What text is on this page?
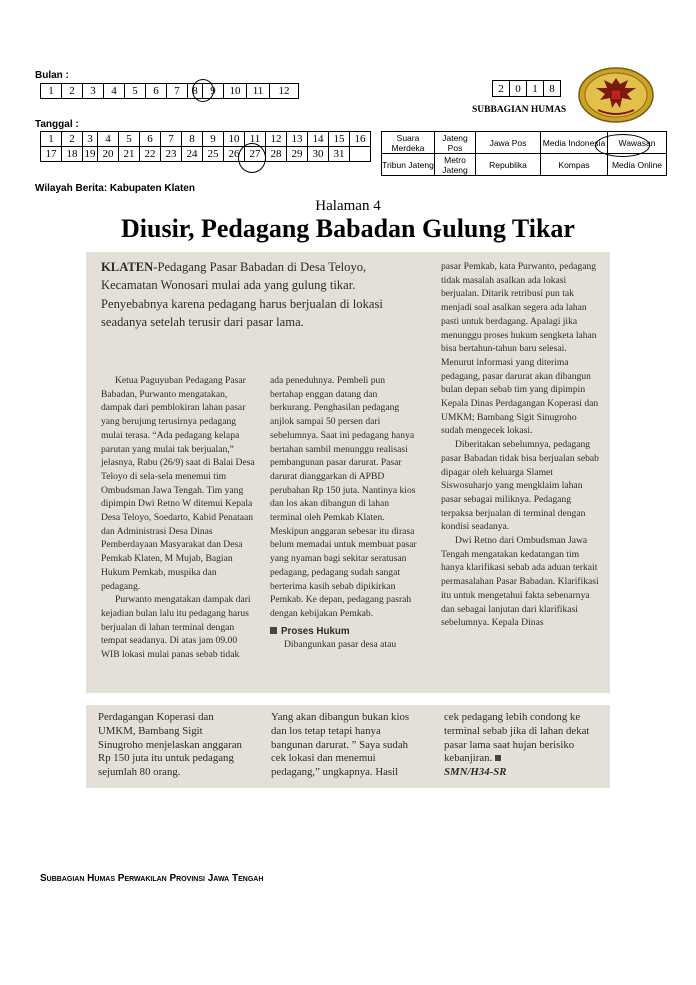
Bulan :
1	2	3	4	5	6	7	8	9	10	11	12
Tanggal :
1	2	3	4	5	6	7	8	9	10	11	12	13	14	15	16
17	18	19	20	21	22	23	24	25	26	27	28	29	30	31	
Wilayah Berita: Kabupaten Klaten
2	0	1	8
SUBBAGIAN HUMAS
Suara Merdeka	Jateng Pos	Jawa Pos	Media Indonesia	Wawasan
Tribun Jateng	Metro Jateng	Republika	Kompas	Media Online
Halaman 4
Diusir, Pedagang Babadan Gulung Tikar
KLATEN-Pedagang Pasar Babadan di Desa Teloyo, Kecamatan Wonosari mulai ada yang gulung tikar. Penyebabnya karena pedagang harus berjualan di lokasi seadanya setelah terusir dari pasar lama.

Ketua Paguyuban Pedagang Pasar Babadan, Purwanto mengatakan, dampak dari pemblokiran lahan pasar yang berujung terusirnya pedagang mulai terasa. “Ada pedagang kelapa parutan yang mulai tak berjualan,” jelasnya, Rabu (26/9) saat di Balai Desa Teloyo di sela-sela menemui tim Ombudsman Jawa Tengah. Tim yang dipimpin Dwi Retno W ditemui Kepala Desa Teloyo, Soedarto, Kabid Penataan dan Administrasi Desa Dinas Pemberdayaan Masyarakat dan Desa Pemkab Klaten, M Mujab, Bagian Hukum Pemkab, muspika dan pedagang.

Purwanto mengatakan dampak dari kejadian bulan lalu itu pedagang harus berjualan di lahan terminal dengan tempat seadanya. Di atas jam 09.00 WIB lokasi mulai panas sebab tidak

ada peneduhnya. Pembeli pun bertahap enggan datang dan berkurang. Penghasilan pedagang anjlok sampai 50 persen dari sebelumnya. Saat ini pedagang hanya bertahan sambil menunggu realisasi pembangunan pasar darurat. Pasar darurat dianggarkan di APBD perubahan Rp 150 juta. Nantinya kios dan los akan dibangun di lahan terminal oleh Pemkab Klaten. Meskipun anggaran sebesar itu dirasa belum memadai untuk membuat pasar yang nyaman bagi sekitar seratusan pedagang, pedagang sudah sangat berterima kasih sebab dipikirkan Pemkab. Ke depan, pedagang pasrah dengan kebijakan Pemkab.

Proses Hukum

Dibangunkan pasar desa atau

pasar Pemkab, kata Purwanto, pedagang tidak masalah asalkan ada lokasi berjualan. Ditarik retribusi pun tak menjadi soal asalkan segera ada lahan pasti untuk berdagang. Apalagi jika menunggu proses hukum sengketa lahan bisa bertahun-tahun baru selesai. Menurut informasi yang diterima pedagang, pasar darurat akan dibangun bulan depan sebab tim yang dipimpin Kepala Dinas Perdagangan Koperasi dan UMKM; Bambang Sigit Sinugroho sudah mengecek lokasi.

Diberitakan sebelumnya, pedagang pasar Babadan tidak bisa berjualan sebab dipagar oleh keluarga Slamet Siswosuharjo yang mengklaim lahan pasar sebagai miliknya. Pedagang terpaksa berjualan di terminal dengan kondisi seadanya.

Dwi Retno dari Ombudsman Jawa Tengah mengatakan kedatangan tim hanya klarifikasi sebab ada aduan terkait permasalahan Pasar Babadan. Klarifikasi itu untuk mengetahui fakta sebenarnya dan sebagai lanjutan dari klarifikasi sebelumnya. Kepala Dinas

Perdagangan Koperasi dan UMKM, Bambang Sigit Sinugroho menjelaskan anggaran Rp 150 juta itu untuk pedagang sejumlah 80 orang.
Yang akan dibangun bukan kios dan los tetap tetapi hanya bangunan darurat. ” Saya sudah cek lokasi dan menemui pedagang,” ungkapnya. Hasil
cek pedagang lebih condong ke terminal sebab jika di lahan dekat pasar lama saat hujan berisiko kebanjiran.
SMN/H34-SR
Subbagian Humas Perwakilan Provinsi Jawa Tengah
